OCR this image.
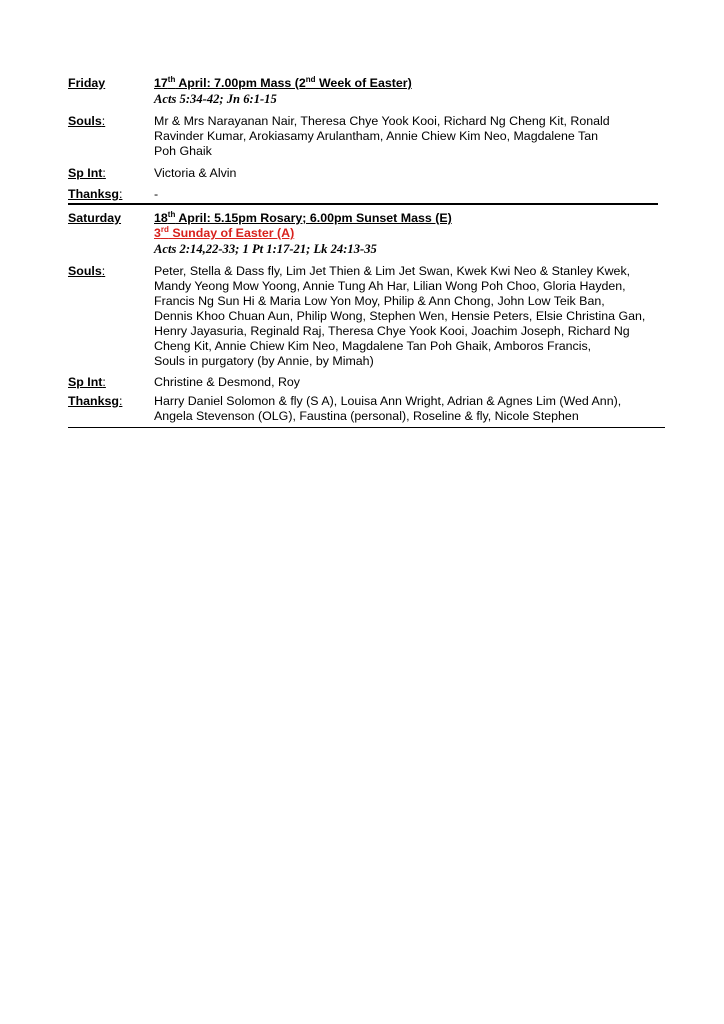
Friday	17th April: 7.00pm Mass (2nd Week of Easter)
Acts 5:34-42; Jn 6:1-15
Souls:	Mr & Mrs Narayanan Nair, Theresa Chye Yook Kooi, Richard Ng Cheng Kit, Ronald
Ravinder Kumar, Arokiasamy Arulantham, Annie Chiew Kim Neo, Magdalene Tan
Poh Ghaik
Sp Int:	Victoria & Alvin
Thanksg:	-
Saturday	18th April: 5.15pm Rosary; 6.00pm Sunset Mass (E)
3rd Sunday of Easter (A)
Acts 2:14,22-33; 1 Pt 1:17-21; Lk 24:13-35
Souls:	Peter, Stella & Dass fly, Lim Jet Thien & Lim Jet Swan, Kwek Kwi Neo & Stanley Kwek,
Mandy Yeong Mow Yoong, Annie Tung Ah Har, Lilian Wong Poh Choo, Gloria Hayden,
Francis Ng Sun Hi & Maria Low Yon Moy, Philip & Ann Chong, John Low Teik Ban,
Dennis Khoo Chuan Aun, Philip Wong, Stephen Wen, Hensie Peters, Elsie Christina Gan,
Henry Jayasuria, Reginald Raj, Theresa Chye Yook Kooi, Joachim Joseph, Richard Ng
Cheng Kit, Annie Chiew Kim Neo, Magdalene Tan Poh Ghaik, Amboros Francis,
Souls in purgatory (by Annie, by Mimah)
Sp Int:	Christine & Desmond, Roy
Thanksg:	Harry Daniel Solomon & fly (S A), Louisa Ann Wright, Adrian & Agnes Lim (Wed Ann),
Angela Stevenson (OLG), Faustina (personal), Roseline & fly, Nicole Stephen
